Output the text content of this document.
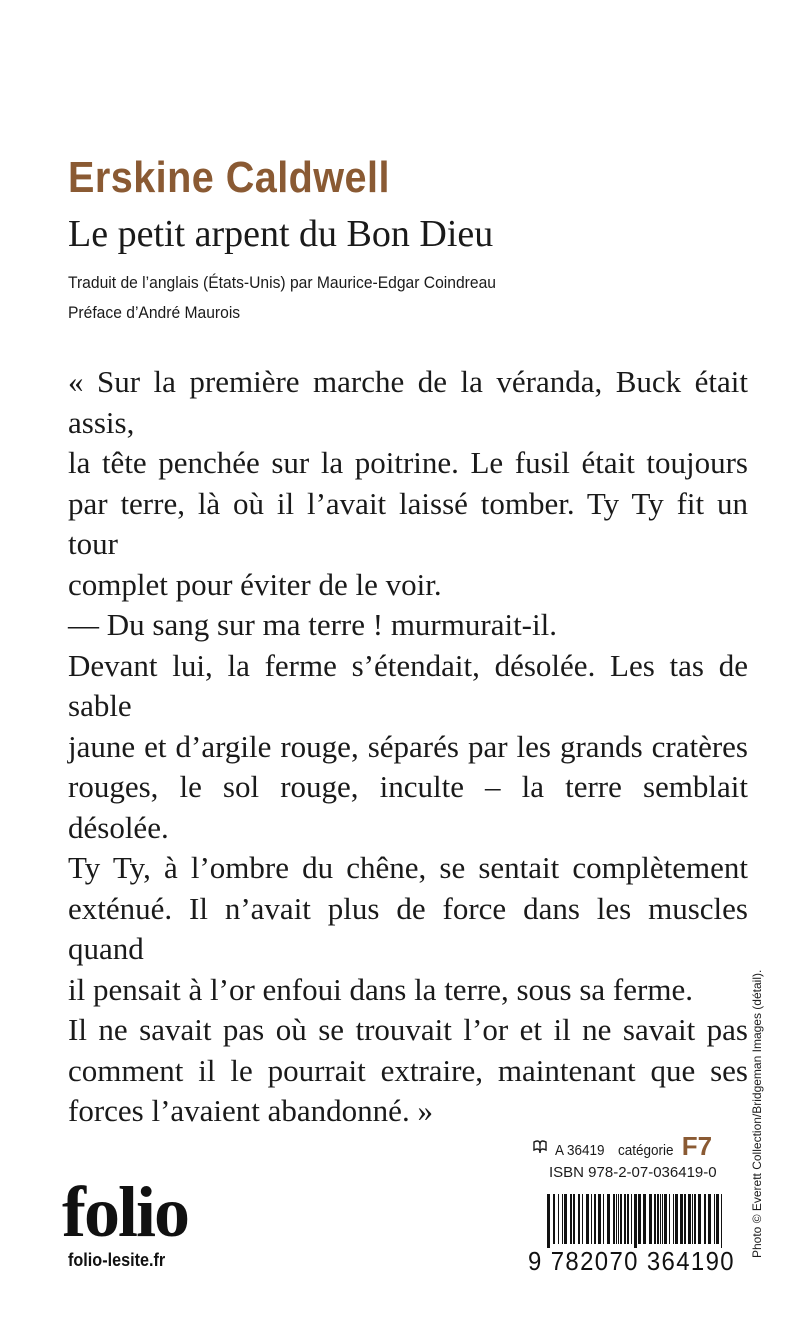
Erskine Caldwell
Le petit arpent du Bon Dieu
Traduit de l’anglais (États-Unis) par Maurice-Edgar Coindreau
Préface d’André Maurois
« Sur la première marche de la véranda, Buck était assis,
la tête penchée sur la poitrine. Le fusil était toujours
par terre, là où il l’avait laissé tomber. Ty Ty fit un tour
complet pour éviter de le voir.
— Du sang sur ma terre ! murmurait-il.
Devant lui, la ferme s’étendait, désolée. Les tas de sable
jaune et d’argile rouge, séparés par les grands cratères
rouges, le sol rouge, inculte – la terre semblait désolée.
Ty Ty, à l’ombre du chêne, se sentait complètement
exténué. Il n’avait plus de force dans les muscles quand
il pensait à l’or enfoui dans la terre, sous sa ferme.
Il ne savait pas où se trouvait l’or et il ne savait pas
comment il le pourrait extraire, maintenant que ses
forces l’avaient abandonné. »	Photo © Everett Collection/Bridgeman Images (détail).
A 36419 catégorie F7
ISBN 978-2-07-036419-0
9 782070 364190
folio
folio-lesite.fr
